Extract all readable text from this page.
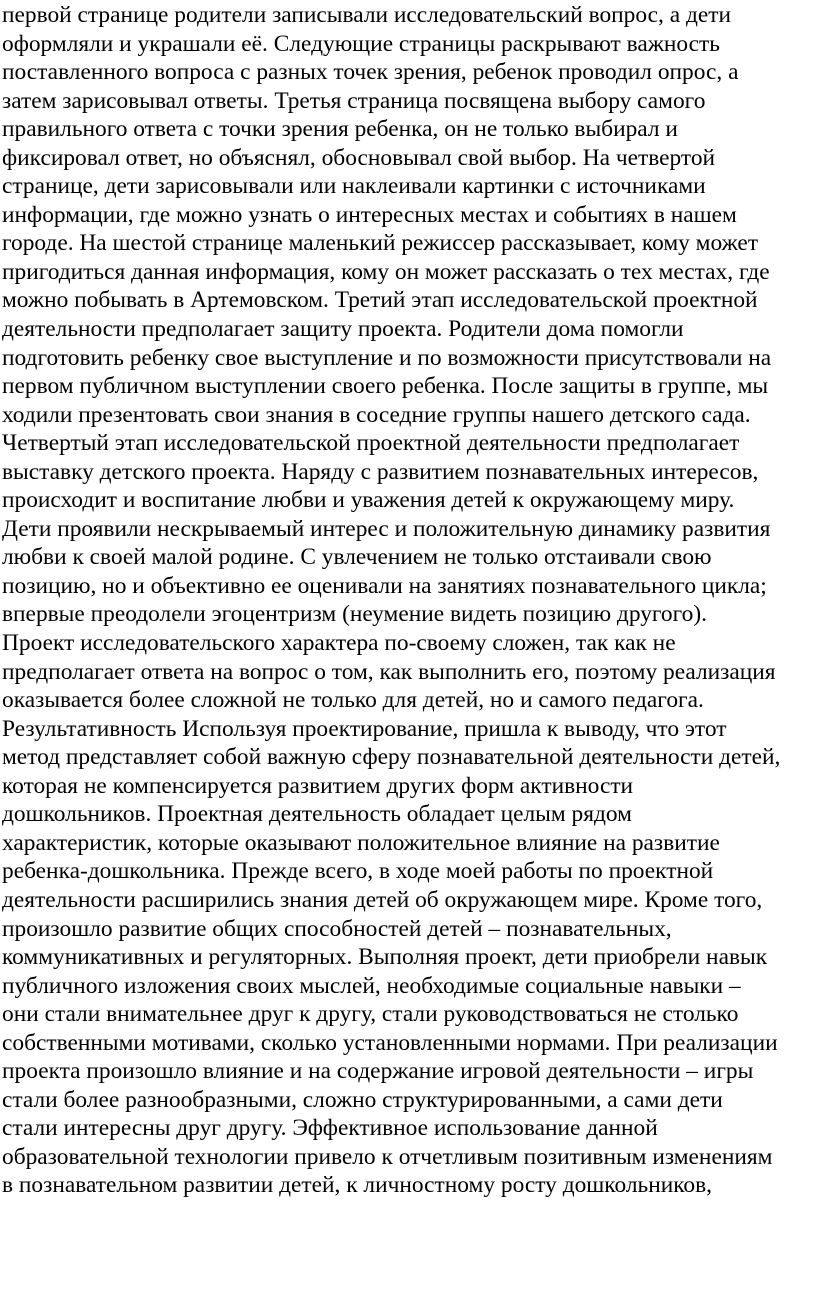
первой странице родители записывали исследовательский вопрос, а дети
оформляли и украшали её. Следующие страницы раскрывают важность
поставленного вопроса с разных точек зрения, ребенок проводил опрос, а
затем зарисовывал ответы. Третья страница посвящена выбору самого
правильного ответа с точки зрения ребенка, он не только выбирал и
фиксировал ответ, но объяснял, обосновывал свой выбор. На четвертой
странице, дети зарисовывали или наклеивали картинки с источниками
информации, где можно узнать о интересных местах и событиях в нашем
городе. На шестой странице маленький режиссер рассказывает, кому может
пригодиться данная информация, кому он может рассказать о тех местах, где
можно побывать в Артемовском. Третий этап исследовательской проектной
деятельности предполагает защиту проекта. Родители дома помогли
подготовить ребенку свое выступление и по возможности присутствовали на
первом публичном выступлении своего ребенка. После защиты в группе, мы
ходили презентовать свои знания в соседние группы нашего детского сада.
Четвертый этап исследовательской проектной деятельности предполагает
выставку детского проекта. Наряду с развитием познавательных интересов,
происходит и воспитание любви и уважения детей к окружающему миру.
Дети проявили нескрываемый интерес и положительную динамику развития
любви к своей малой родине. С увлечением не только отстаивали свою
позицию, но и объективно ее оценивали на занятиях познавательного цикла;
впервые преодолели эгоцентризм (неумение видеть позицию другого).
Проект исследовательского характера по-своему сложен, так как не
предполагает ответа на вопрос о том, как выполнить его, поэтому реализация
оказывается более сложной не только для детей, но и самого педагога.
Результативность Используя проектирование, пришла к выводу, что этот
метод представляет собой важную сферу познавательной деятельности детей,
которая не компенсируется развитием других форм активности
дошкольников. Проектная деятельность обладает целым рядом
характеристик, которые оказывают положительное влияние на развитие
ребенка-дошкольника. Прежде всего, в ходе моей работы по проектной
деятельности расширились знания детей об окружающем мире. Кроме того,
произошло развитие общих способностей детей – познавательных,
коммуникативных и регуляторных. Выполняя проект, дети приобрели навык
публичного изложения своих мыслей, необходимые социальные навыки –
они стали внимательнее друг к другу, стали руководствоваться не столько
собственными мотивами, сколько установленными нормами. При реализации
проекта произошло влияние и на содержание игровой деятельности – игры
стали более разнообразными, сложно структурированными, а сами дети
стали интересны друг другу. Эффективное использование данной
образовательной технологии привело к отчетливым позитивным изменениям
в познавательном развитии детей, к личностному росту дошкольников,
